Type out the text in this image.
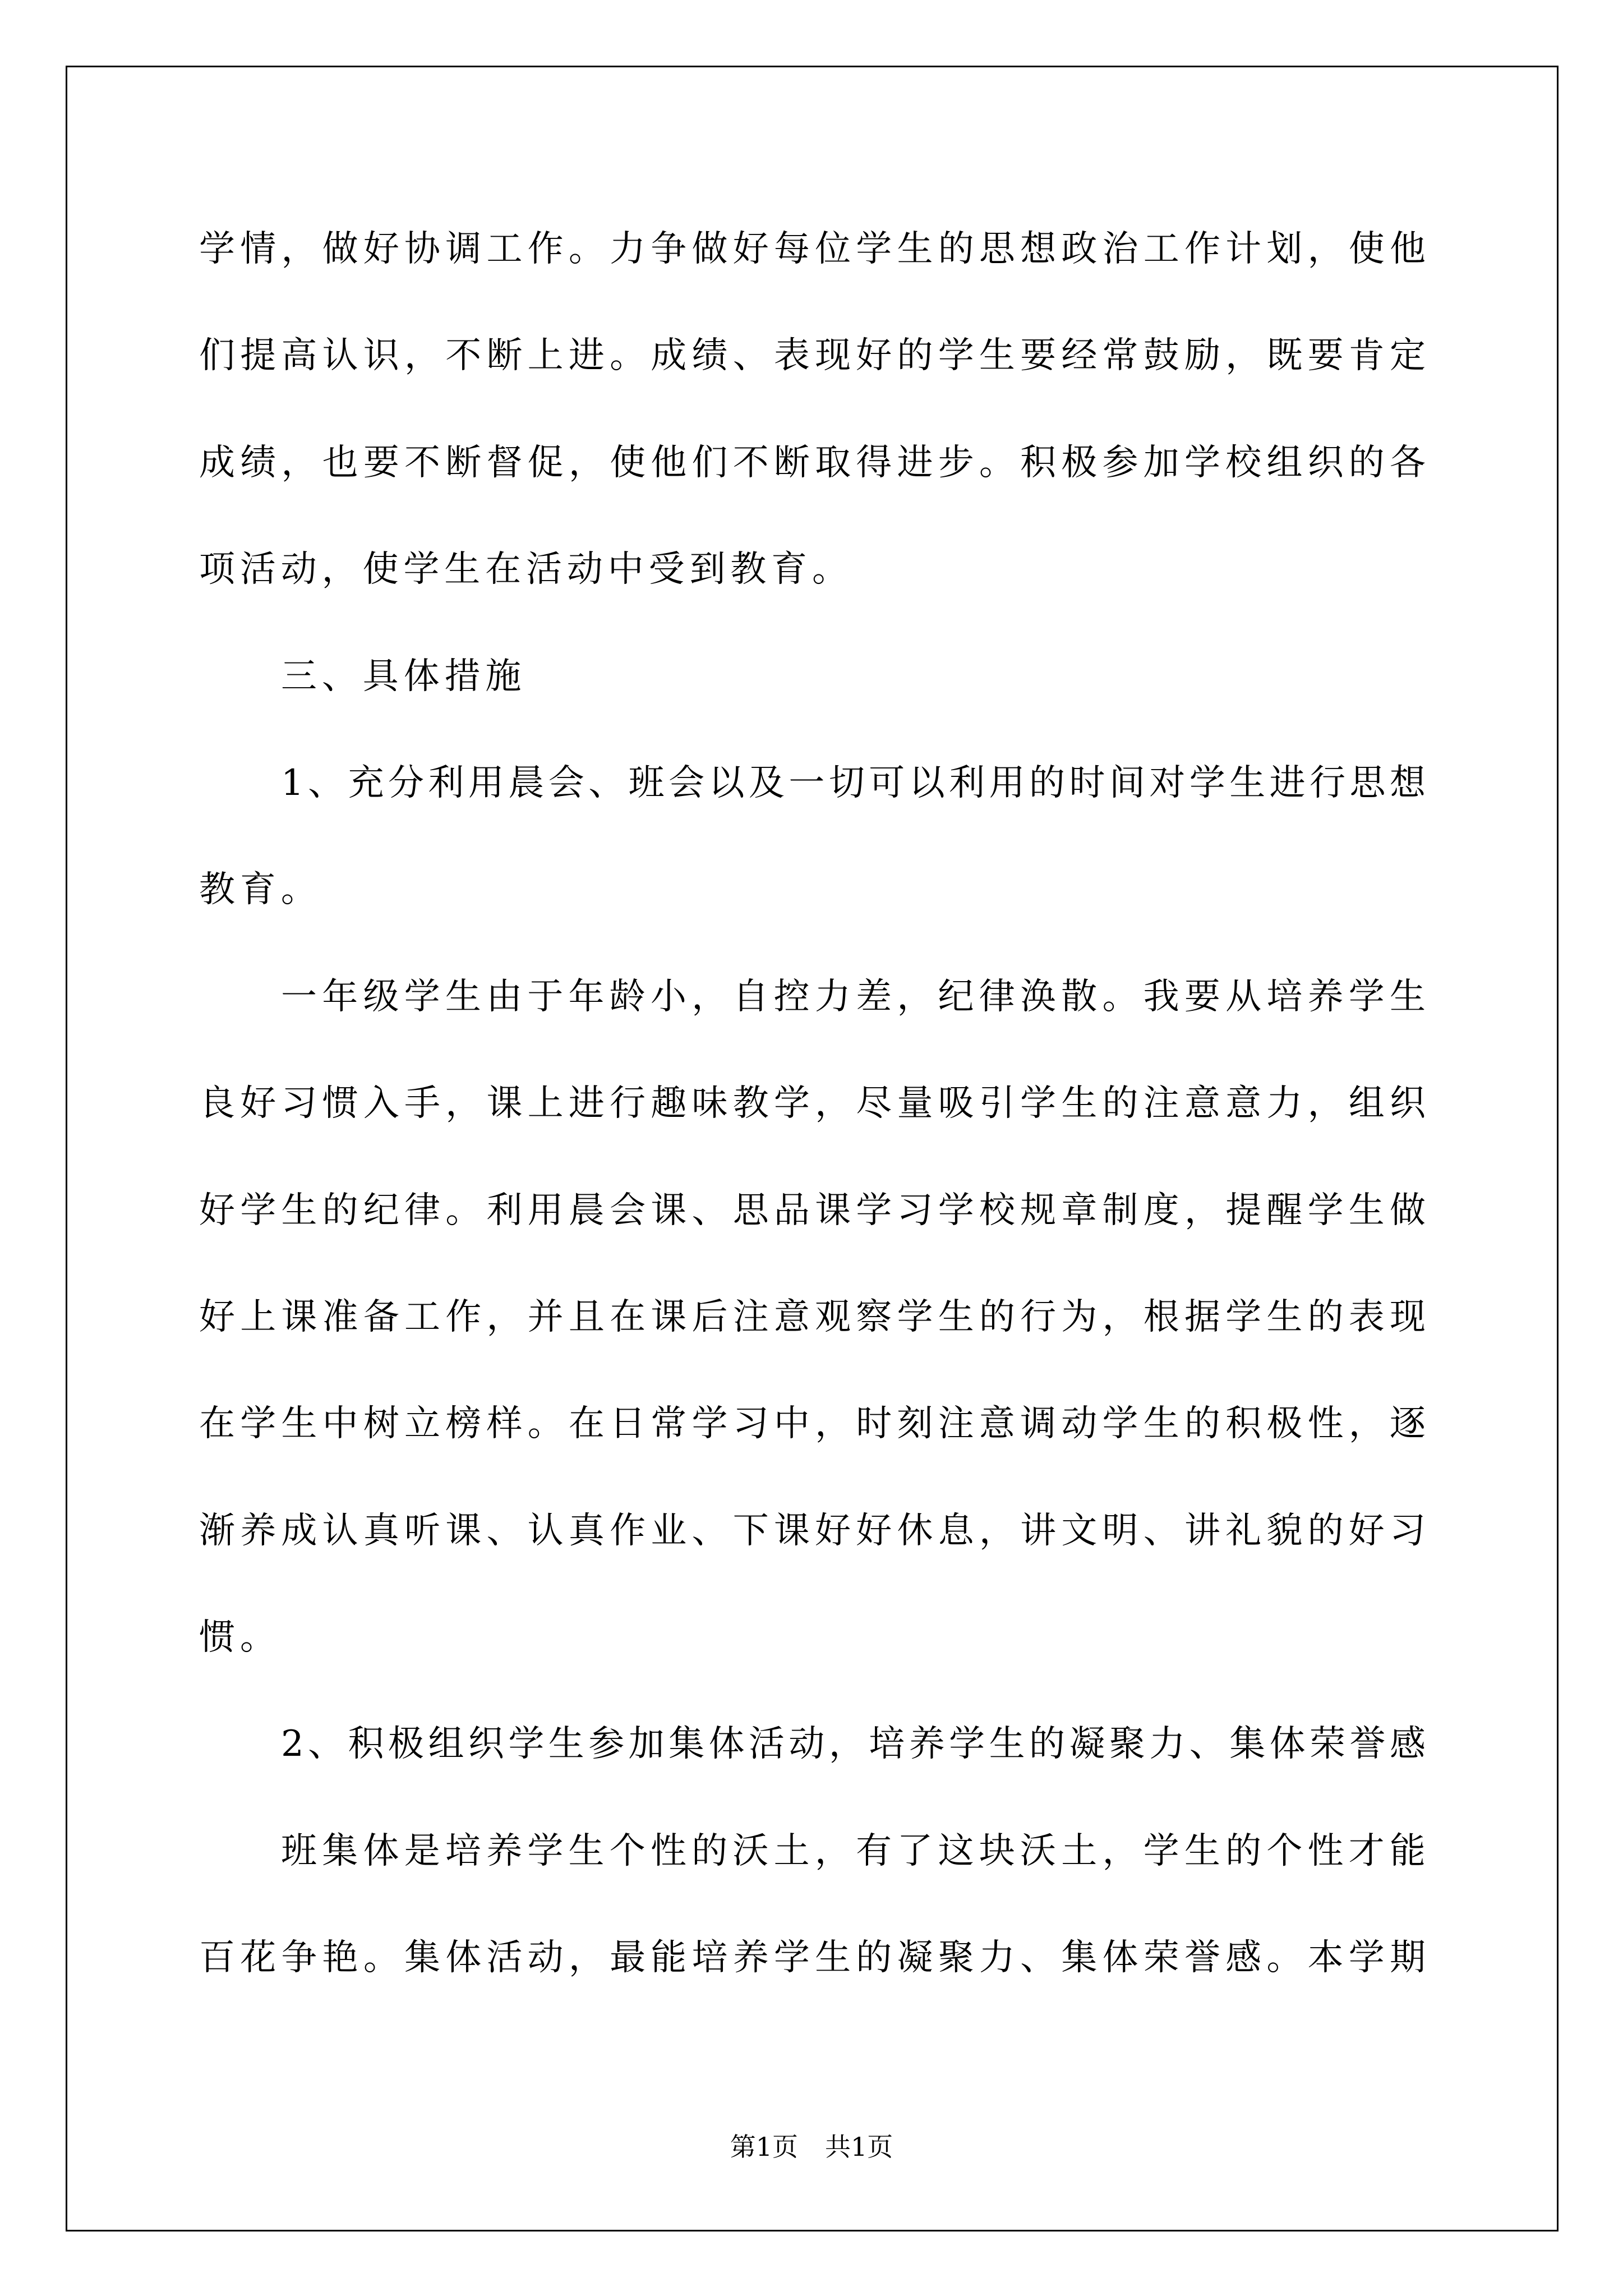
学情，做好协调工作。力争做好每位学生的思想政治工作计划，使他
们提高认识，不断上进。成绩、表现好的学生要经常鼓励，既要肯定
成绩，也要不断督促，使他们不断取得进步。积极参加学校组织的各
项活动，使学生在活动中受到教育。
三、具体措施
1、充分利用晨会、班会以及一切可以利用的时间对学生进行思想
教育。
一年级学生由于年龄小，自控力差，纪律涣散。我要从培养学生
良好习惯入手，课上进行趣味教学，尽量吸引学生的注意意力，组织
好学生的纪律。利用晨会课、思品课学习学校规章制度，提醒学生做
好上课准备工作，并且在课后注意观察学生的行为，根据学生的表现
在学生中树立榜样。在日常学习中，时刻注意调动学生的积极性，逐
渐养成认真听课、认真作业、下课好好休息，讲文明、讲礼貌的好习
惯。
2、积极组织学生参加集体活动，培养学生的凝聚力、集体荣誉感
班集体是培养学生个性的沃土，有了这块沃土，学生的个性才能
百花争艳。集体活动，最能培养学生的凝聚力、集体荣誉感。本学期
第1页 共1页
